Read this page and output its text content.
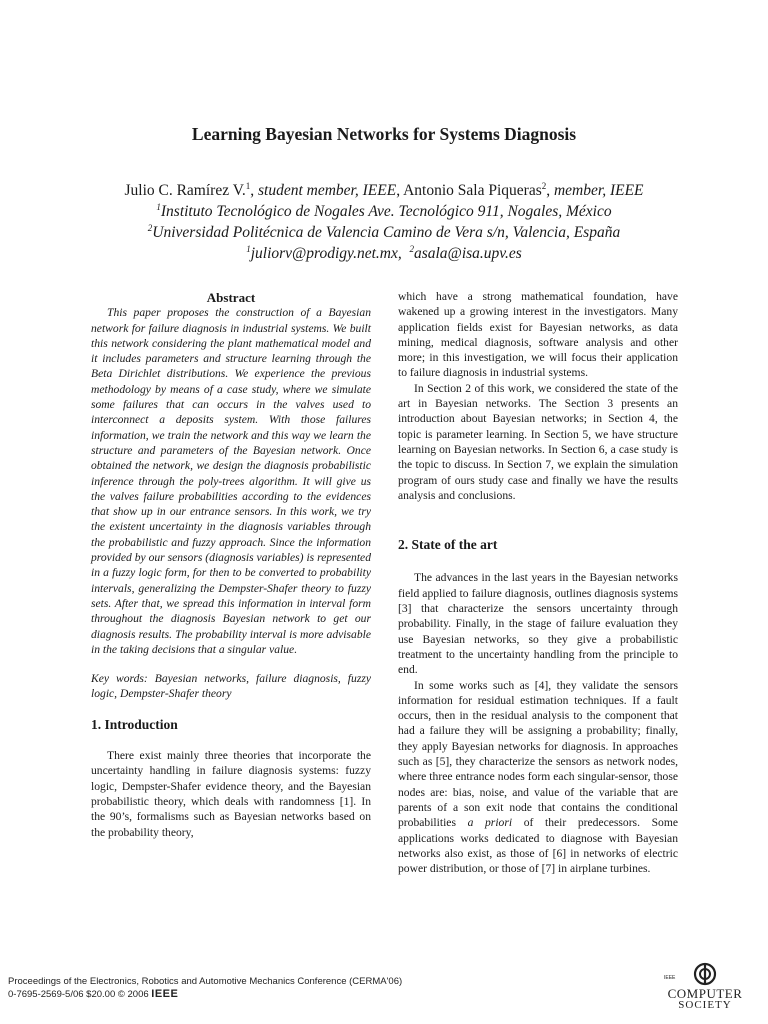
Learning Bayesian Networks for Systems Diagnosis
Julio C. Ramírez V.$^1$, student member, IEEE, Antonio Sala Piqueras$^2$, member, IEEE
$^1$Instituto Tecnológico de Nogales Ave. Tecnológico 911, Nogales, México
$^2$Universidad Politécnica de Valencia Camino de Vera s/n, Valencia, España
$^1$juliorv@prodigy.net.mx, $^2$asala@isa.upv.es

Abstract

This paper proposes the construction of a Bayesian network for failure diagnosis in industrial systems. We built this network considering the plant mathematical model and it includes parameters and structure learning through the Beta Dirichlet distributions. We experience the previous methodology by means of a case study, where we simulate some failures that can occurs in the valves used to interconnect a deposits system. With those failures information, we train the network and this way we learn the structure and parameters of the Bayesian network. Once obtained the network, we design the diagnosis probabilistic inference through the poly-trees algorithm. It will give us the valves failure probabilities according to the evidences that show up in our entrance sensors. In this work, we try the existent uncertainty in the diagnosis variables through the probabilistic and fuzzy approach. Since the information provided by our sensors (diagnosis variables) is represented in a fuzzy logic form, for then to be converted to probability intervals, generalizing the Dempster-Shafer theory to fuzzy sets. After that, we spread this information in interval form throughout the diagnosis Bayesian network to get our diagnosis results. The probability interval is more advisable in the taking decisions that a singular value.

Key words: Bayesian networks, failure diagnosis, fuzzy logic, Dempster-Shafer theory

1. Introduction

There exist mainly three theories that incorporate the uncertainty handling in failure diagnosis systems: fuzzy logic, Dempster-Shafer evidence theory, and the Bayesian probabilistic theory, which deals with randomness [1]. In the 90’s, formalisms such as Bayesian networks based on the probability theory,

which have a strong mathematical foundation, have wakened up a growing interest in the investigators. Many application fields exist for Bayesian networks, as data mining, medical diagnosis, software analysis and other more; in this investigation, we will focus their application to failure diagnosis in industrial systems.

In Section 2 of this work, we considered the state of the art in Bayesian networks. The Section 3 presents an introduction about Bayesian networks; in Section 4, the topic is parameter learning. In Section 5, we have structure learning on Bayesian networks. In Section 6, a case study is the topic to discuss. In Section 7, we explain the simulation program of ours study case and finally we have the results analysis and conclusions.

2. State of the art

The advances in the last years in the Bayesian networks field applied to failure diagnosis, outlines diagnosis systems [3] that characterize the sensors uncertainty through probability. Finally, in the stage of failure evaluation they use Bayesian networks, so they give a probabilistic treatment to the uncertainty handling from the principle to end.

In some works such as [4], they validate the sensors information for residual estimation techniques. If a fault occurs, then in the residual analysis to the component that had a failure they will be assigning a probability; finally, they apply Bayesian networks for diagnosis. In approaches such as [5], they characterize the sensors as network nodes, where three entrance nodes form each singular-sensor, those nodes are: bias, noise, and value of the variable that are parents of a son exit node that contains the conditional probabilities a priori of their predecessors. Some applications works dedicated to diagnose with Bayesian networks also exist, as those of [6] in networks of electric power distribution, or those of [7] in airplane turbines.

Proceedings of the Electronics, Robotics and Automotive Mechanics Conference (CERMA'06)
0-7695-2569-5/06 $20.00 © 2006 IEEE	COMPUTER
SOCIETY
IEEE
